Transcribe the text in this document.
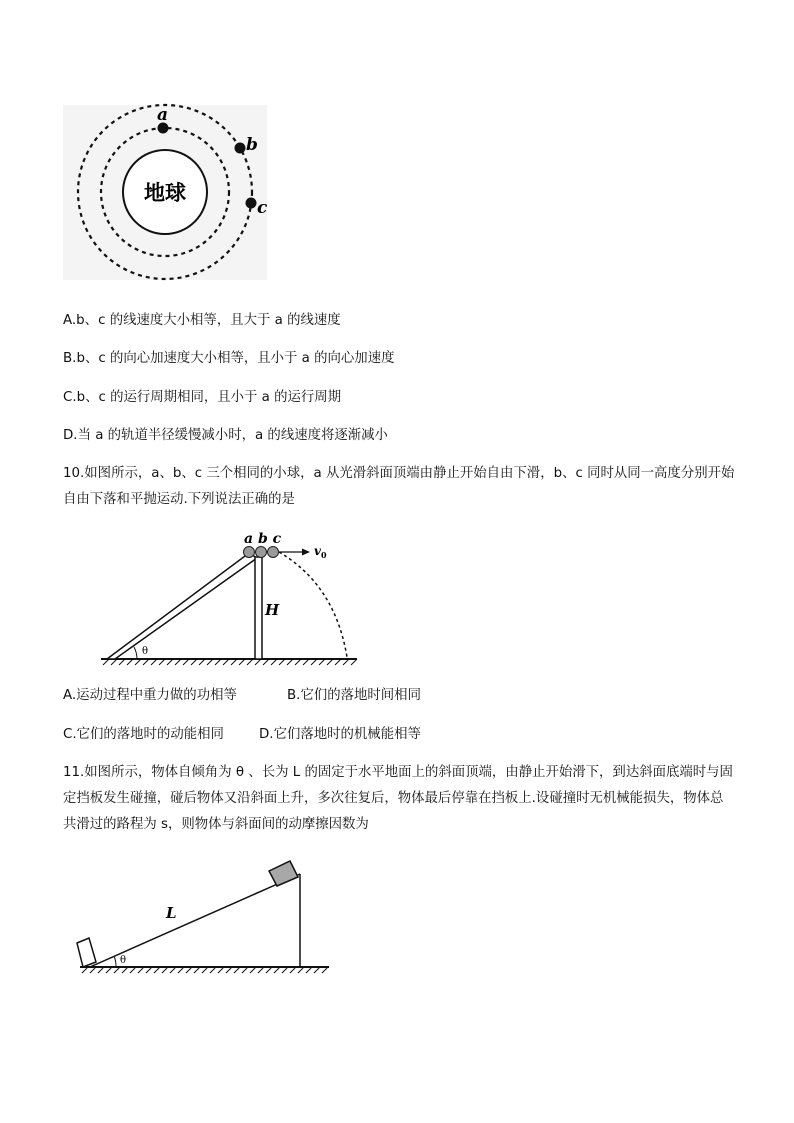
地球
a
b
c
A.b、c 的线速度大小相等，且大于 a 的线速度
B.b、c 的向心加速度大小相等，且小于 a 的向心加速度
C.b、c 的运行周期相同，且小于 a 的运行周期
D.当 a 的轨道半径缓慢减小时，a 的线速度将逐渐减小
10.如图所示，a、b、c 三个相同的小球，a 从光滑斜面顶端由静止开始自由下滑，b、c 同时从同一高度分别开始自由下落和平抛运动.下列说法正确的是
θ
H
a b c
$v_0$
A.运动过程中重力做的功相等	B.它们的落地时间相同
C.它们的落地时的动能相同	D.它们落地时的机械能相等
11.如图所示，物体自倾角为 θ 、长为 L 的固定于水平地面上的斜面顶端，由静止开始滑下，到达斜面底端时与固定挡板发生碰撞，碰后物体又沿斜面上升，多次往复后，物体最后停靠在挡板上.设碰撞时无机械能损失，物体总共滑过的路程为 s，则物体与斜面间的动摩擦因数为
θ
L
